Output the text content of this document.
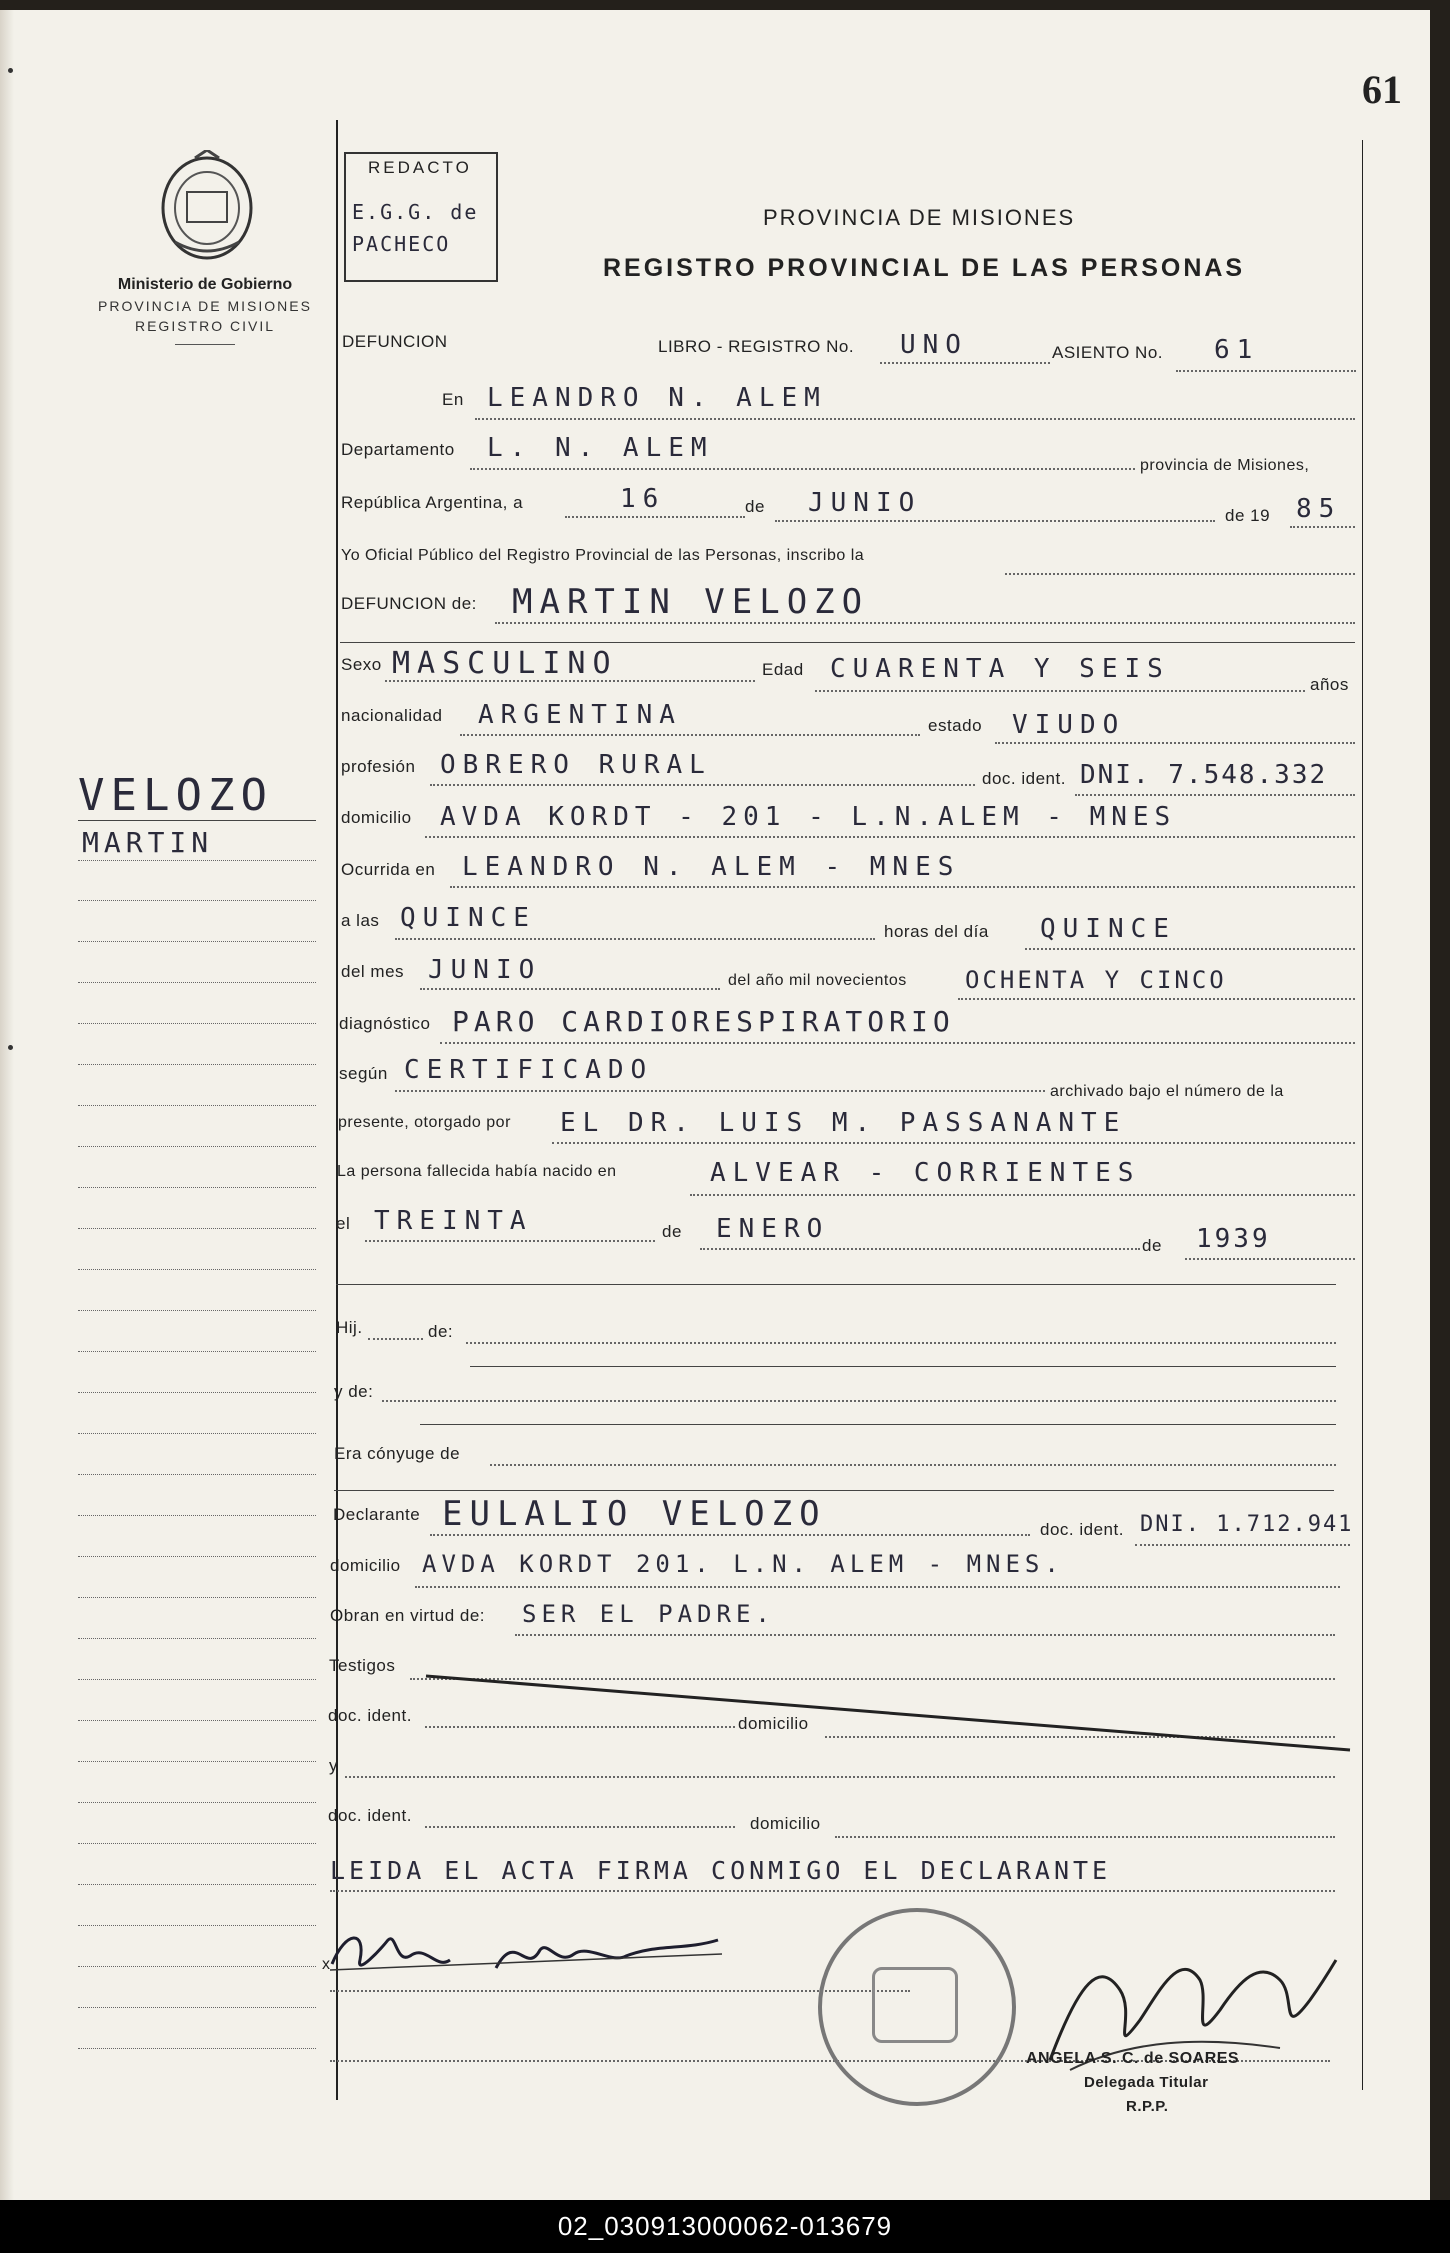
61
Ministerio de Gobierno
PROVINCIA DE MISIONES
REGISTRO CIVIL
REDACTO
E.G.G. de PACHECO
PROVINCIA DE MISIONES
REGISTRO PROVINCIAL DE LAS PERSONAS
VELOZO
MARTIN
DEFUNCION	LIBRO - REGISTRO No. UNO	ASIENTO No. 61
En LEANDRO N. ALEM
Departamento L. N. ALEM
provincia de Misiones,
República Argentina, a	16	de JUNIO	de 19 85
Yo Oficial Público del Registro Provincial de las Personas, inscribo la
DEFUNCION de: MARTIN VELOZO
Sexo MASCULINO	Edad CUARENTA Y SEIS
años
nacionalidad ARGENTINA	estado VIUDO
profesión OBRERO RURAL	doc. ident. DNI. 7.548.332
domicilio AVDA KORDT - 201 - L.N.ALEM - MNES
Ocurrida en LEANDRO N. ALEM - MNES
a las QUINCE	horas del día QUINCE
del mes JUNIO	del año mil novecientos OCHENTA Y CINCO
diagnóstico PARO CARDIORESPIRATORIO
según CERTIFICADO
archivado bajo el número de la
presente, otorgado por EL DR. LUIS M. PASSANANTE
La persona fallecida había nacido en	ALVEAR - CORRIENTES
el TREINTA	de ENERO
de 1939
Hij.	de:
y de:
Era cónyuge de
Declarante EULALIO VELOZO	doc. ident. DNI. 1.712.941
domicilio AVDA KORDT 201. L.N. ALEM - MNES.
Obran en virtud de: SER EL PADRE.
Testigos
doc. ident.	domicilio
y
doc. ident.	domicilio
LEIDA EL ACTA FIRMA CONMIGO EL DECLARANTE
x
ANGELA S. C. de SOARES
Delegada Titular
R.P.P.
02_030913000062-013679
